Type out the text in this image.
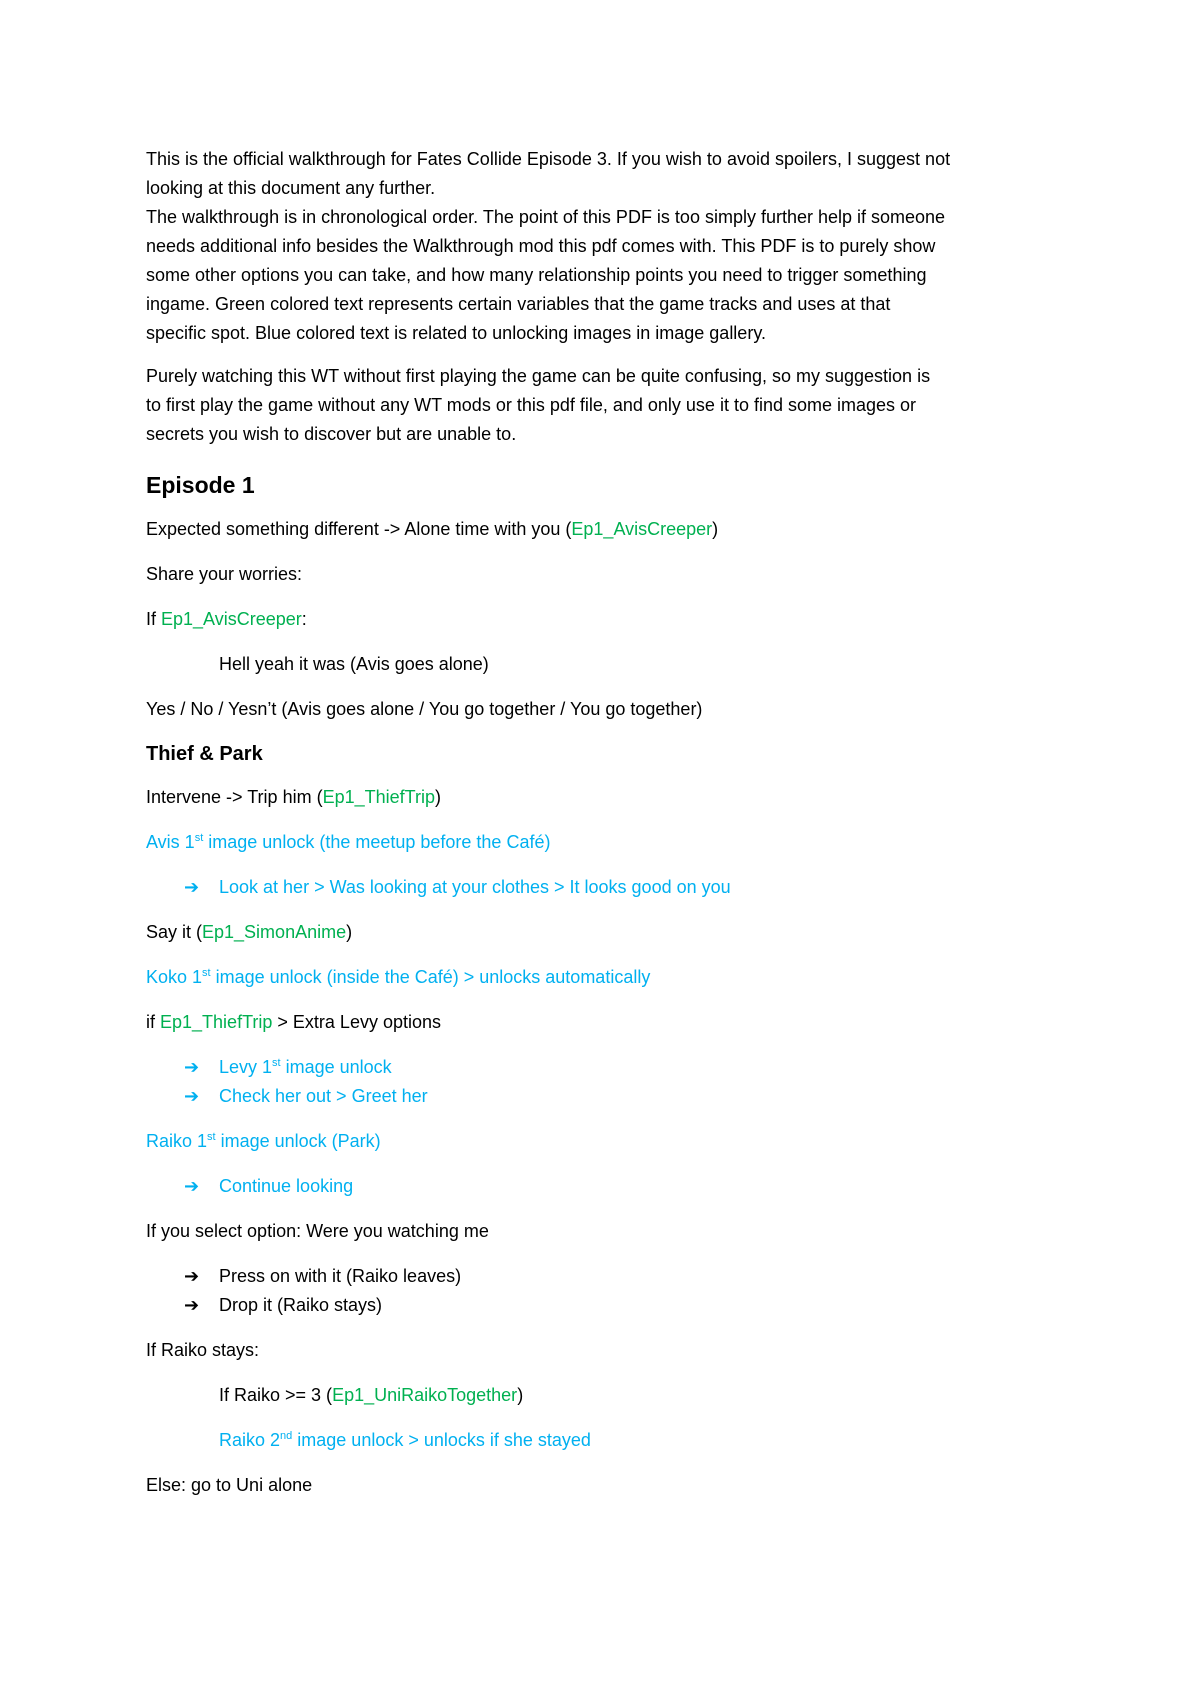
This is the official walkthrough for Fates Collide Episode 3. If you wish to avoid spoilers, I suggest not
looking at this document any further.

The walkthrough is in chronological order. The point of this PDF is too simply further help if someone
needs additional info besides the Walkthrough mod this pdf comes with. This PDF is to purely show
some other options you can take, and how many relationship points you need to trigger something
ingame. Green colored text represents certain variables that the game tracks and uses at that
specific spot. Blue colored text is related to unlocking images in image gallery.

Purely watching this WT without first playing the game can be quite confusing, so my suggestion is
to first play the game without any WT mods or this pdf file, and only use it to find some images or
secrets you wish to discover but are unable to.

Episode 1

Expected something different -> Alone time with you (Ep1_AvisCreeper)

Share your worries:

If Ep1_AvisCreeper:

Hell yeah it was (Avis goes alone)

Yes / No / Yesn’t (Avis goes alone / You go together / You go together)

Thief & Park

Intervene -> Trip him (Ep1_ThiefTrip)

Avis 1st image unlock (the meetup before the Café)

➔	Look at her > Was looking at your clothes > It looks good on you

Say it (Ep1_SimonAnime)

Koko 1st image unlock (inside the Café) > unlocks automatically

if Ep1_ThiefTrip > Extra Levy options

➔	Levy 1st image unlock
➔	Check her out > Greet her

Raiko 1st image unlock (Park)

➔	Continue looking

If you select option: Were you watching me

➔	Press on with it (Raiko leaves)
➔	Drop it (Raiko stays)

If Raiko stays:

If Raiko >= 3 (Ep1_UniRaikoTogether)

Raiko 2nd image unlock > unlocks if she stayed

Else: go to Uni alone
